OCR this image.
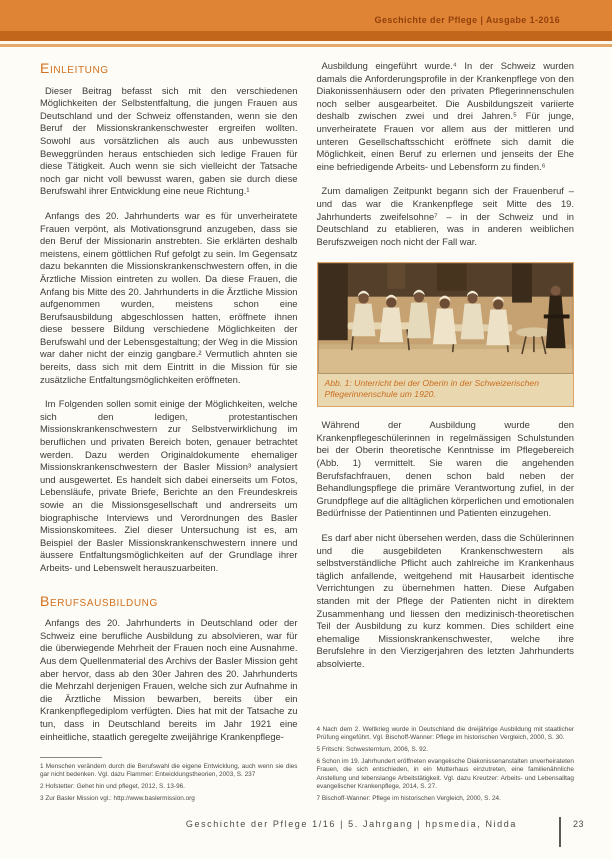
Geschichte der Pflege | Ausgabe 1-2016
Einleitung

Dieser Beitrag befasst sich mit den verschiedenen Möglichkeiten der Selbstentfaltung, die jungen Frauen aus Deutschland und der Schweiz offenstanden, wenn sie den Beruf der Missionskrankenschwester ergreifen wollten. Sowohl aus vorsätzlichen als auch aus unbewussten Beweggründen heraus entschieden sich ledige Frauen für diese Tätigkeit. Auch wenn sie sich vielleicht der Tatsache noch gar nicht voll bewusst waren, gaben sie durch diese Berufswahl ihrer Entwicklung eine neue Richtung.¹

Anfangs des 20. Jahrhunderts war es für unverheiratete Frauen verpönt, als Motivationsgrund anzugeben, dass sie den Beruf der Missionarin anstrebten. Sie erklärten deshalb meistens, einem göttlichen Ruf gefolgt zu sein. Im Gegensatz dazu bekannten die Missionskrankenschwestern offen, in die Ärztliche Mission eintreten zu wollen. Da diese Frauen, die Anfang bis Mitte des 20. Jahrhunderts in die Ärztliche Mission aufgenommen wurden, meistens schon eine Berufsausbildung abgeschlossen hatten, eröffnete ihnen diese bessere Bildung verschiedene Möglichkeiten der Berufswahl und der Lebensgestaltung; der Weg in die Mission war daher nicht der einzig gangbare.² Vermutlich ahnten sie bereits, dass sich mit dem Eintritt in die Mission für sie zusätzliche Entfaltungsmöglichkeiten eröffneten.

Im Folgenden sollen somit einige der Möglichkeiten, welche sich den ledigen, protestantischen Missionskrankenschwestern zur Selbstverwirklichung im beruflichen und privaten Bereich boten, genauer betrachtet werden. Dazu werden Originaldokumente ehemaliger Missionskrankenschwestern der Basler Mission³ analysiert und ausgewertet. Es handelt sich dabei einerseits um Fotos, Lebensläufe, private Briefe, Berichte an den Freundeskreis sowie an die Missionsgesellschaft und andrerseits um biographische Interviews und Verordnungen des Basler Missionskomitees. Ziel dieser Untersuchung ist es, am Beispiel der Basler Missionskrankenschwestern innere und äussere Entfaltungsmöglichkeiten auf der Grundlage ihrer Arbeits- und Lebenswelt herauszuarbeiten.

Berufsausbildung

Anfangs des 20. Jahrhunderts in Deutschland oder der Schweiz eine berufliche Ausbildung zu absolvieren, war für die überwiegende Mehrheit der Frauen noch eine Ausnahme. Aus dem Quellenmaterial des Archivs der Basler Mission geht aber hervor, dass ab den 30er Jahren des 20. Jahrhunderts die Mehrzahl derjenigen Frauen, welche sich zur Aufnahme in die Ärztliche Mission bewarben, bereits über ein Krankenpflegediplom verfügten. Dies hat mit der Tatsache zu tun, dass in Deutschland bereits im Jahr 1921 eine einheitliche, staatlich geregelte zweijährige Krankenpflege-

1 Menschen verändern durch die Berufswahl die eigene Entwicklung, auch wenn sie dies gar nicht bedenken. Vgl. dazu Flammer: Entwicklungstheorien, 2003, S. 237
2 Hofstetter: Gehet hin und pfleget, 2012, S. 13-96.
3 Zur Basler Mission vgl.: http://www.baslermission.org

Ausbildung eingeführt wurde.⁴ In der Schweiz wurden damals die Anforderungsprofile in der Krankenpflege von den Diakonissenhäusern oder den privaten Pflegerinnenschulen noch selber ausgearbeitet. Die Ausbildungszeit variierte deshalb zwischen zwei und drei Jahren.⁵ Für junge, unverheiratete Frauen vor allem aus der mittleren und unteren Gesellschaftsschicht eröffnete sich damit die Möglichkeit, einen Beruf zu erlernen und jenseits der Ehe eine befriedigende Arbeits- und Lebensform zu finden.⁶

Zum damaligen Zeitpunkt begann sich der Frauenberuf – und das war die Krankenpflege seit Mitte des 19. Jahrhunderts zweifelsohne⁷ – in der Schweiz und in Deutschland zu etablieren, was in anderen weiblichen Berufszweigen noch nicht der Fall war.

Abb. 1: Unterricht bei der Oberin in der Schweizerischen Pflegerinnenschule um 1920.

Während der Ausbildung wurde den Krankenpflegeschülerinnen in regelmässigen Schulstunden bei der Oberin theoretische Kenntnisse im Pflegebereich (Abb. 1) vermittelt. Sie waren die angehenden Berufsfachfrauen, denen schon bald neben der Behandlungspflege die primäre Verantwortung zufiel, in der Grundpflege auf die alltäglichen körperlichen und emotionalen Bedürfnisse der Patientinnen und Patienten einzugehen.

Es darf aber nicht übersehen werden, dass die Schülerinnen und die ausgebildeten Krankenschwestern als selbstverständliche Pflicht auch zahlreiche im Krankenhaus täglich anfallende, weitgehend mit Hausarbeit identische Verrichtungen zu übernehmen hatten. Diese Aufgaben standen mit der Pflege der Patienten nicht in direktem Zusammenhang und liessen den medizinisch-theoretischen Teil der Ausbildung zu kurz kommen. Dies schildert eine ehemalige Missionskrankenschwester, welche ihre Berufslehre in den Vierzigerjahren des letzten Jahrhunderts absolvierte.

4 Nach dem 2. Weltkrieg wurde in Deutschland die dreijährige Ausbildung mit staatlicher Prüfung eingeführt. Vgl. Bischoff-Wanner: Pflege im historischen Vergleich, 2000, S. 30.
5 Fritschi: Schwesterntum, 2006, S. 92.
6 Schon im 19. Jahrhundert eröffneten evangelische Diakonissenanstalten unverheirateten Frauen, die sich entschieden, in ein Mutterhaus einzutreten, eine familienähnliche Anstellung und lebenslange Arbeitstätigkeit. Vgl. dazu Kreutzer: Arbeits- und Lebensalltag evangelischer Krankenpflege, 2014, S. 27.
7 Bischoff-Wanner: Pflege im historischen Vergleich, 2000, S. 24.
Geschichte der Pflege 1/16 | 5. Jahrgang | hpsmedia, Nidda	23
